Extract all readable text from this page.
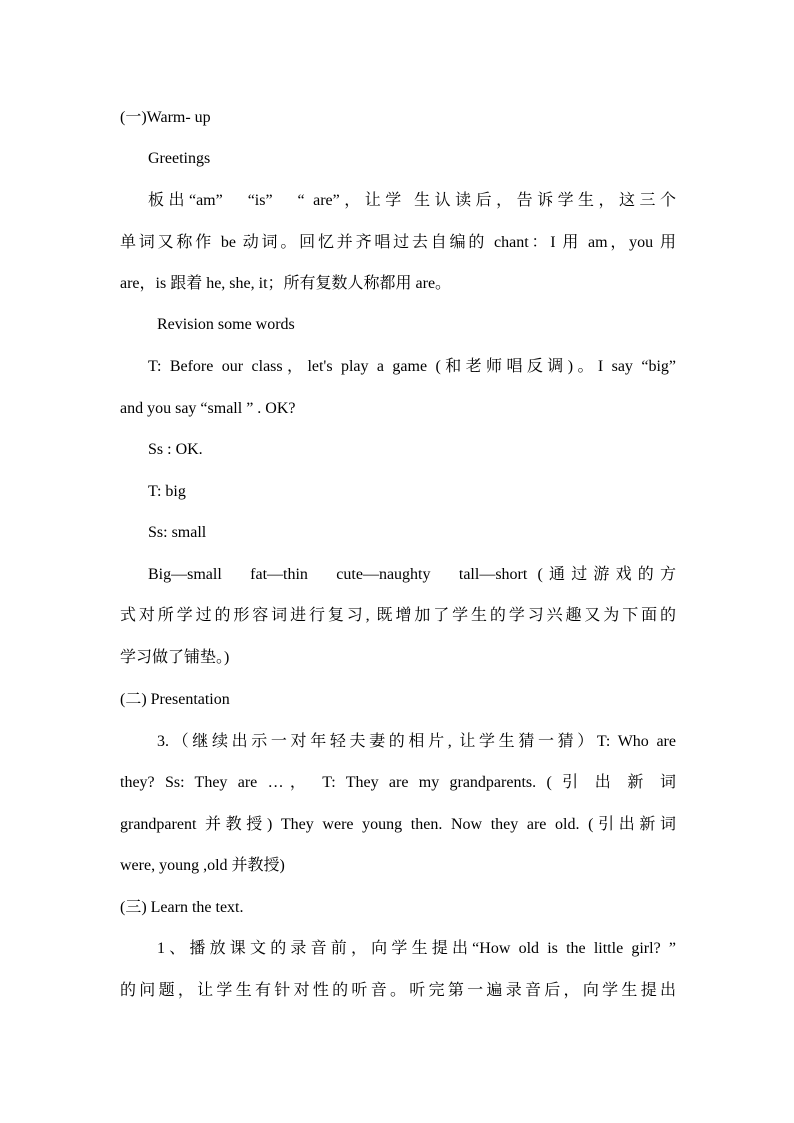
(一)Warm- up
Greetings
板出“am”　“is”　“ are”，让学 生认读后，告诉学生，这三个
单词又称作 be 动词。回忆并齐唱过去自编的 chant：I 用 am，you 用
are，is 跟着 he, she, it；所有复数人称都用 are。
Revision some words
T: Before our class，let's play a game (和老师唱反调)。I say “big”
and you say “small ” . OK?
Ss : OK.
T: big
Ss: small
Big—small　fat—thin　cute—naughty　tall—short (通过游戏的方
式对所学过的形容词进行复习, 既增加了学生的学习兴趣又为下面的
学习做了铺垫。)
(二) Presentation
3.（继续出示一对年轻夫妻的相片, 让学生猜一猜）T: Who are
they? Ss: They are …， T: They are my grandparents. ( 引 出 新 词
grandparent 并教授) They were young then. Now they are old. (引出新词
were, young ,old 并教授)
(三) Learn the text.
1、播放课文的录音前，向学生提出“How old is the little girl? ”
的问题，让学生有针对性的听音。听完第一遍录音后，向学生提出
